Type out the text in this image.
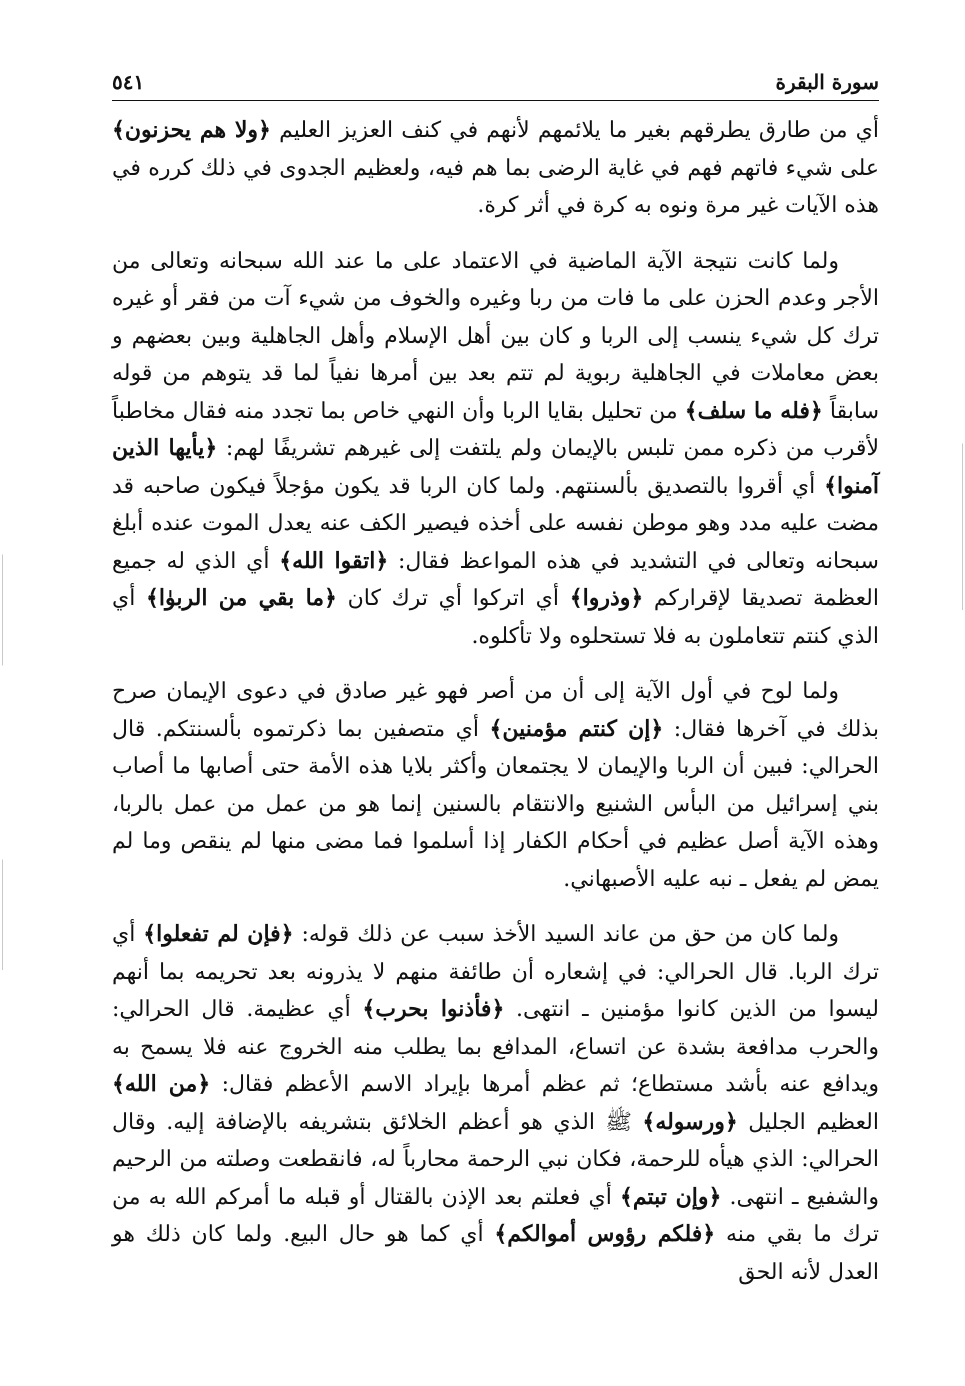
سورة البقرة
٥٤١

أي من طارق يطرقهم بغير ما يلائمهم لأنهم في كنف العزيز العليم ﴿ولا هم يحزنون﴾ على شيء فاتهم فهم في غاية الرضى بما هم فيه، ولعظيم الجدوى في ذلك كرره في هذه الآيات غير مرة ونوه به كرة في أثر كرة.

ولما كانت نتيجة الآية الماضية في الاعتماد على ما عند الله سبحانه وتعالى من الأجر وعدم الحزن على ما فات من ربا وغيره والخوف من شيء آت من فقر أو غيره ترك كل شيء ينسب إلى الربا و كان بين أهل الإسلام وأهل الجاهلية وبين بعضهم و بعض معاملات في الجاهلية ربوية لم تتم بعد بين أمرها نفياً لما قد يتوهم من قوله سابقاً ﴿فله ما سلف﴾ من تحليل بقايا الربا وأن النهي خاص بما تجدد منه فقال مخاطباً لأقرب من ذكره ممن تلبس بالإيمان ولم يلتفت إلى غيرهم تشريفًا لهم: ﴿يأيها الذين آمنوا﴾ أي أقروا بالتصديق بألسنتهم. ولما كان الربا قد يكون مؤجلاً فيكون صاحبه قد مضت عليه مدد وهو موطن نفسه على أخذه فيصير الكف عنه يعدل الموت عنده أبلغ سبحانه وتعالى في التشديد في هذه المواعظ فقال: ﴿اتقوا الله﴾ أي الذي له جميع العظمة تصديقا لإقراركم ﴿وذروا﴾ أي اتركوا أي ترك كان ﴿ما بقي من الربوٰا﴾ أي الذي كنتم تتعاملون به فلا تستحلوه ولا تأكلوه.

ولما لوح في أول الآية إلى أن من أصر فهو غير صادق في دعوى الإيمان صرح بذلك في آخرها فقال: ﴿إن كنتم مؤمنين﴾ أي متصفين بما ذكرتموه بألسنتكم. قال الحرالي: فبين أن الربا والإيمان لا يجتمعان وأكثر بلايا هذه الأمة حتى أصابها ما أصاب بني إسرائيل من البأس الشنيع والانتقام بالسنين إنما هو من عمل من عمل بالربا، وهذه الآية أصل عظيم في أحكام الكفار إذا أسلموا فما مضى منها لم ينقص وما لم يمض لم يفعل ـ نبه عليه الأصبهاني.

ولما كان من حق من عاند السيد الأخذ سبب عن ذلك قوله: ﴿فإن لم تفعلوا﴾ أي ترك الربا. قال الحرالي: في إشعاره أن طائفة منهم لا يذرونه بعد تحريمه بما أنهم ليسوا من الذين كانوا مؤمنين ـ انتهى. ﴿فأذنوا بحرب﴾ أي عظيمة. قال الحرالي: والحرب مدافعة بشدة عن اتساع، المدافع بما يطلب منه الخروج عنه فلا يسمح به ويدافع عنه بأشد مستطاع؛ ثم عظم أمرها بإيراد الاسم الأعظم فقال: ﴿من الله﴾ العظيم الجليل ﴿ورسوله﴾ ﷺ الذي هو أعظم الخلائق بتشريفه بالإضافة إليه. وقال الحرالي: الذي هيأه للرحمة، فكان نبي الرحمة محارباً له، فانقطعت وصلته من الرحيم والشفيع ـ انتهى. ﴿وإن تبتم﴾ أي فعلتم بعد الإذن بالقتال أو قبله ما أمركم الله به من ترك ما بقي منه ﴿فلكم رؤوس أموالكم﴾ أي كما هو حال البيع. ولما كان ذلك هو العدل لأنه الحق
